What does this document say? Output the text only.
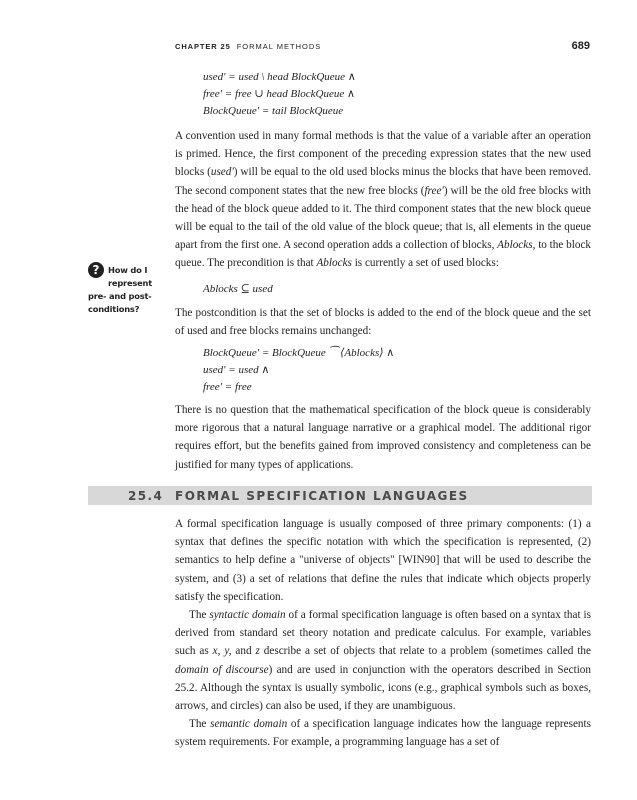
CHAPTER 25 FORMAL METHODS	689
used' = used \ head BlockQueue ∧
free' = free ∪ head BlockQueue ∧
BlockQueue' = tail BlockQueue

A convention used in many formal methods is that the value of a variable after an operation is primed. Hence, the first component of the preceding expression states that the new used blocks (used') will be equal to the old used blocks minus the blocks that have been removed. The second component states that the new free blocks (free') will be the old free blocks with the head of the block queue added to it. The third component states that the new block queue will be equal to the tail of the old value of the block queue; that is, all elements in the queue apart from the first one. A second operation adds a collection of blocks, Ablocks, to the block queue. The precondition is that Ablocks is currently a set of used blocks:

?	How do I
represent
pre- and post-
conditions?
Ablocks ⊆ used

The postcondition is that the set of blocks is added to the end of the block queue and the set of used and free blocks remains unchanged:

BlockQueue' = BlockQueue ⁀ ⟨Ablocks⟩ ∧
used' = used ∧
free' = free

There is no question that the mathematical specification of the block queue is considerably more rigorous that a natural language narrative or a graphical model. The additional rigor requires effort, but the benefits gained from improved consistency and completeness can be justified for many types of applications.

25.4 FORMAL SPECIFICATION LANGUAGES

A formal specification language is usually composed of three primary components: (1) a syntax that defines the specific notation with which the specification is represented, (2) semantics to help define a "universe of objects" [WIN90] that will be used to describe the system, and (3) a set of relations that define the rules that indicate which objects properly satisfy the specification.

The syntactic domain of a formal specification language is often based on a syntax that is derived from standard set theory notation and predicate calculus. For example, variables such as x, y, and z describe a set of objects that relate to a problem (sometimes called the domain of discourse) and are used in conjunction with the operators described in Section 25.2. Although the syntax is usually symbolic, icons (e.g., graphical symbols such as boxes, arrows, and circles) can also be used, if they are unambiguous.

The semantic domain of a specification language indicates how the language represents system requirements. For example, a programming language has a set of
